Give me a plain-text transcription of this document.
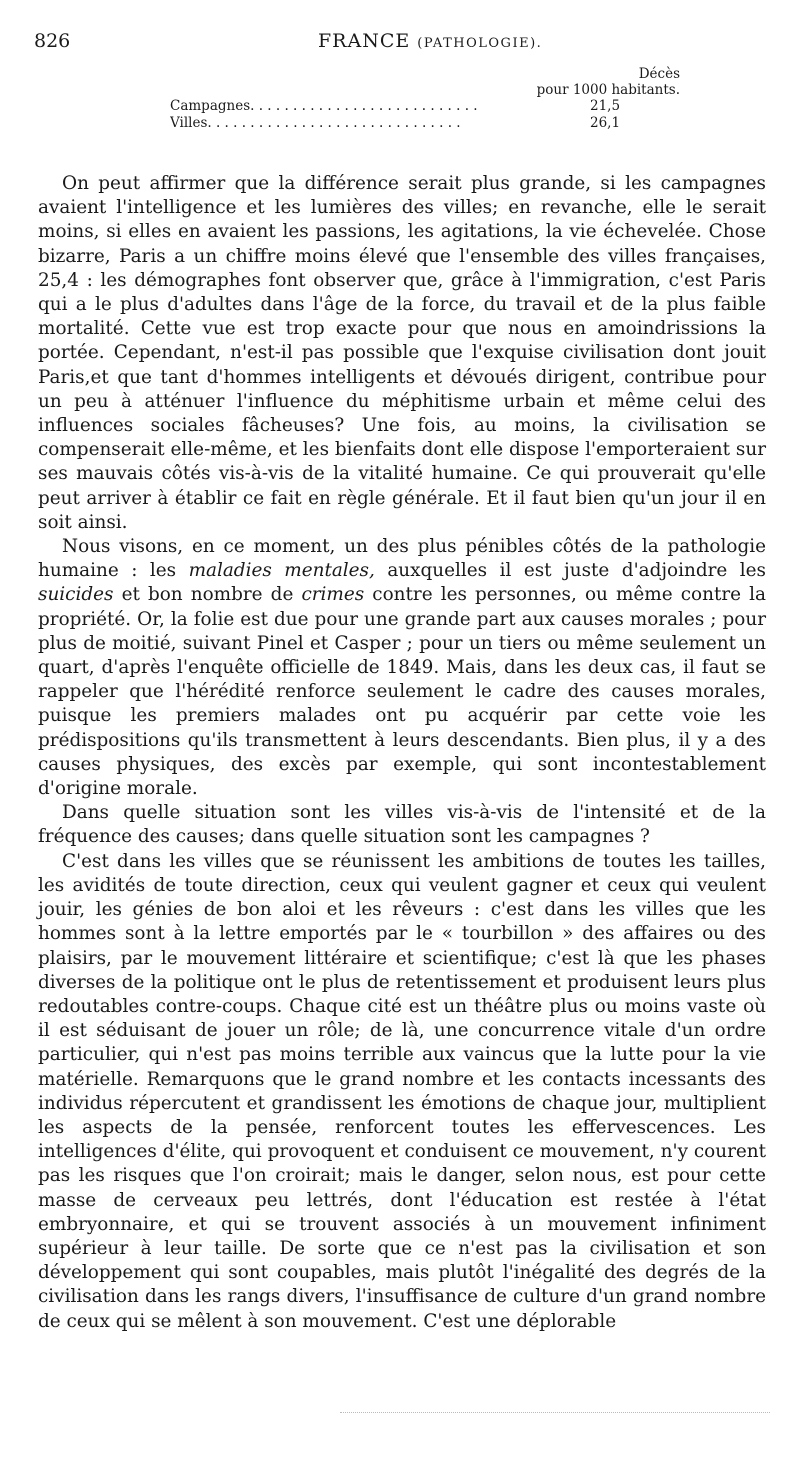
826	FRANCE (PATHOLOGIE).
Décès
pour 1000 habitants.
Campagnes. . . . . . . . . . . . . . . . . . . . . . . . . . .	21,5
Villes. . . . . . . . . . . . . . . . . . . . . . . . . . . . . .	26,1

On peut affirmer que la différence serait plus grande, si les campagnes avaient l'intelligence et les lumières des villes; en revanche, elle le serait moins, si elles en avaient les passions, les agitations, la vie échevelée. Chose bizarre, Paris a un chiffre moins élevé que l'ensemble des villes françaises, 25,4 : les démographes font observer que, grâce à l'immigration, c'est Paris qui a le plus d'adultes dans l'âge de la force, du travail et de la plus faible mortalité. Cette vue est trop exacte pour que nous en amoindrissions la portée. Cependant, n'est-il pas possible que l'exquise civilisation dont jouit Paris,et que tant d'hommes intelligents et dévoués dirigent, contribue pour un peu à atténuer l'influence du méphitisme urbain et même celui des influences sociales fâcheuses? Une fois, au moins, la civilisation se compenserait elle-même, et les bienfaits dont elle dispose l'emporteraient sur ses mauvais côtés vis-à-vis de la vitalité humaine. Ce qui prouverait qu'elle peut arriver à établir ce fait en règle générale. Et il faut bien qu'un jour il en soit ainsi.

Nous visons, en ce moment, un des plus pénibles côtés de la pathologie humaine : les maladies mentales, auxquelles il est juste d'adjoindre les suicides et bon nombre de crimes contre les personnes, ou même contre la propriété. Or, la folie est due pour une grande part aux causes morales ; pour plus de moitié, suivant Pinel et Casper ; pour un tiers ou même seulement un quart, d'après l'enquête officielle de 1849. Mais, dans les deux cas, il faut se rappeler que l'hérédité renforce seulement le cadre des causes morales, puisque les premiers malades ont pu acquérir par cette voie les prédispositions qu'ils transmettent à leurs descendants. Bien plus, il y a des causes physiques, des excès par exemple, qui sont incontestablement d'origine morale.

Dans quelle situation sont les villes vis-à-vis de l'intensité et de la fréquence des causes; dans quelle situation sont les campagnes ?

C'est dans les villes que se réunissent les ambitions de toutes les tailles, les avidités de toute direction, ceux qui veulent gagner et ceux qui veulent jouir, les génies de bon aloi et les rêveurs : c'est dans les villes que les hommes sont à la lettre emportés par le « tourbillon » des affaires ou des plaisirs, par le mouvement littéraire et scientifique; c'est là que les phases diverses de la politique ont le plus de retentissement et produisent leurs plus redoutables contre-coups. Chaque cité est un théâtre plus ou moins vaste où il est séduisant de jouer un rôle; de là, une concurrence vitale d'un ordre particulier, qui n'est pas moins terrible aux vaincus que la lutte pour la vie matérielle. Remarquons que le grand nombre et les contacts incessants des individus répercutent et grandissent les émotions de chaque jour, multiplient les aspects de la pensée, renforcent toutes les effervescences. Les intelligences d'élite, qui provoquent et conduisent ce mouvement, n'y courent pas les risques que l'on croirait; mais le danger, selon nous, est pour cette masse de cerveaux peu lettrés, dont l'éducation est restée à l'état embryonnaire, et qui se trouvent associés à un mouvement infiniment supérieur à leur taille. De sorte que ce n'est pas la civilisation et son développement qui sont coupables, mais plutôt l'inégalité des degrés de la civilisation dans les rangs divers, l'insuffisance de culture d'un grand nombre de ceux qui se mêlent à son mouvement. C'est une déplorable
